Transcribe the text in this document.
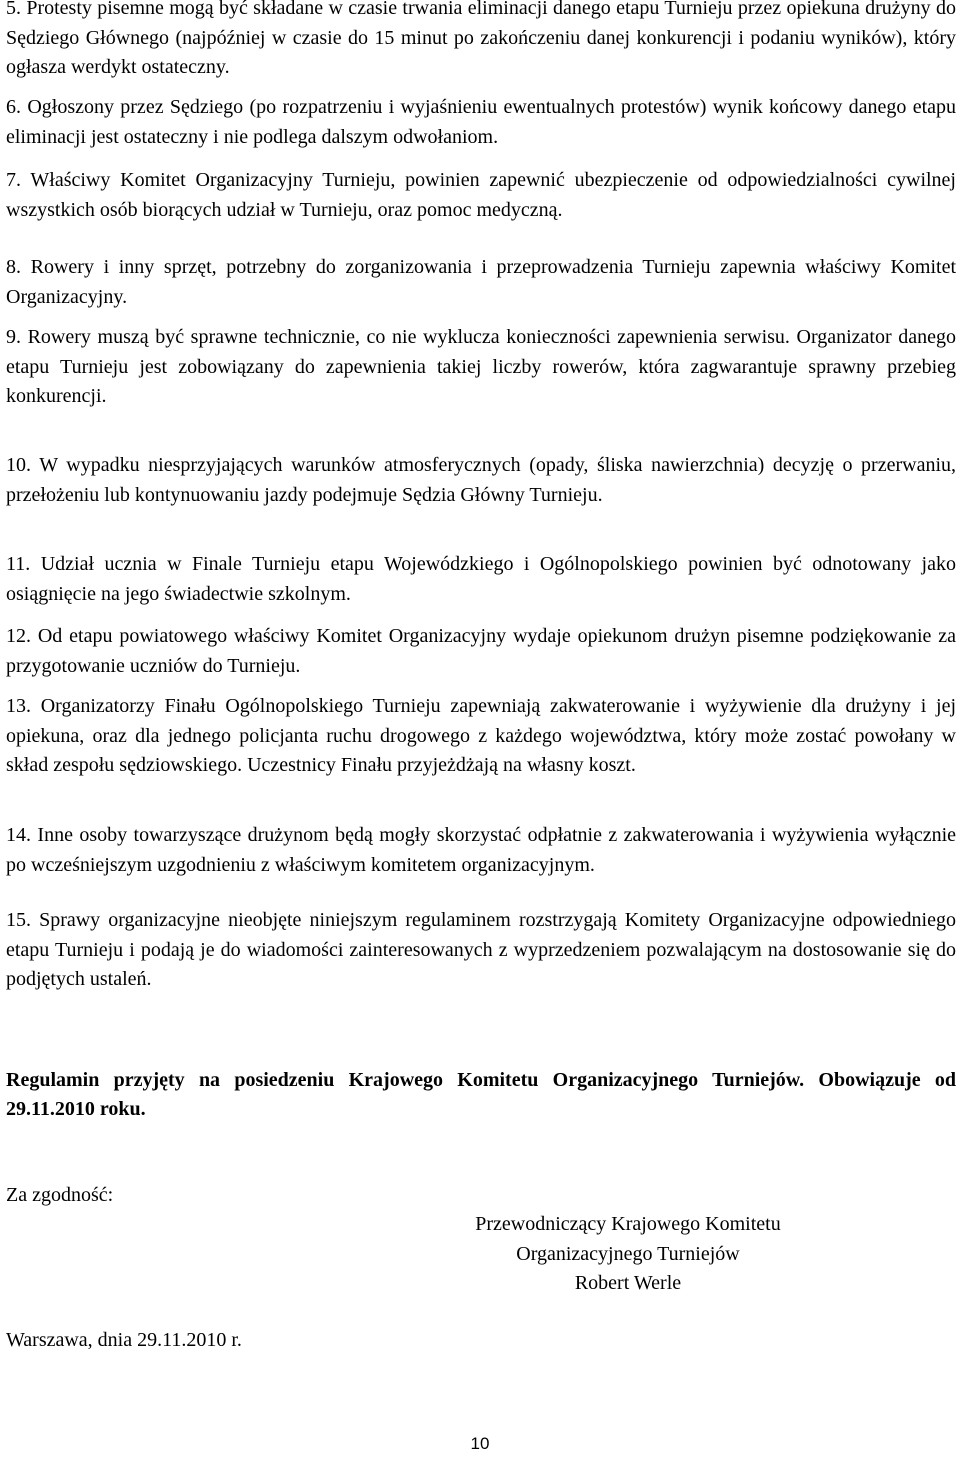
5. Protesty pisemne mogą być składane w czasie trwania eliminacji danego etapu Turnieju przez opiekuna drużyny do Sędziego Głównego (najpóźniej w czasie do 15 minut po zakończeniu danej konkurencji i podaniu wyników), który ogłasza werdykt ostateczny.

6. Ogłoszony przez Sędziego (po rozpatrzeniu i wyjaśnieniu ewentualnych protestów) wynik końcowy danego etapu eliminacji jest ostateczny i nie podlega dalszym odwołaniom.

7. Właściwy Komitet Organizacyjny Turnieju, powinien zapewnić ubezpieczenie od odpowiedzialności cywilnej wszystkich osób biorących udział w Turnieju, oraz pomoc medyczną.

8. Rowery i inny sprzęt, potrzebny do zorganizowania i przeprowadzenia Turnieju zapewnia właściwy Komitet Organizacyjny.

9. Rowery muszą być sprawne technicznie, co nie wyklucza konieczności zapewnienia serwisu. Organizator danego etapu Turnieju jest zobowiązany do zapewnienia takiej liczby rowerów, która zagwarantuje sprawny przebieg konkurencji.

10. W wypadku niesprzyjających warunków atmosferycznych (opady, śliska nawierzchnia) decyzję o przerwaniu, przełożeniu lub kontynuowaniu jazdy podejmuje Sędzia Główny Turnieju.

11. Udział ucznia w Finale Turnieju etapu Wojewódzkiego i Ogólnopolskiego powinien być odnotowany jako osiągnięcie na jego świadectwie szkolnym.

12. Od etapu powiatowego właściwy Komitet Organizacyjny wydaje opiekunom drużyn pisemne podziękowanie za przygotowanie uczniów do Turnieju.

13. Organizatorzy Finału Ogólnopolskiego Turnieju zapewniają zakwaterowanie i wyżywienie dla drużyny i jej opiekuna, oraz dla jednego policjanta ruchu drogowego z każdego województwa, który może zostać powołany w skład zespołu sędziowskiego. Uczestnicy Finału przyjeżdżają na własny koszt.

14. Inne osoby towarzyszące drużynom będą mogły skorzystać odpłatnie z zakwaterowania i wyżywienia wyłącznie po wcześniejszym uzgodnieniu z właściwym komitetem organizacyjnym.

15. Sprawy organizacyjne nieobjęte niniejszym regulaminem rozstrzygają Komitety Organizacyjne odpowiedniego etapu Turnieju i podają je do wiadomości zainteresowanych z wyprzedzeniem pozwalającym na dostosowanie się do podjętych ustaleń.

Regulamin przyjęty na posiedzeniu Krajowego Komitetu Organizacyjnego Turniejów. Obowiązuje od 29.11.2010 roku.

Za zgodność:

Przewodniczący Krajowego Komitetu
Organizacyjnego Turniejów
Robert Werle

Warszawa, dnia 29.11.2010 r.

10
